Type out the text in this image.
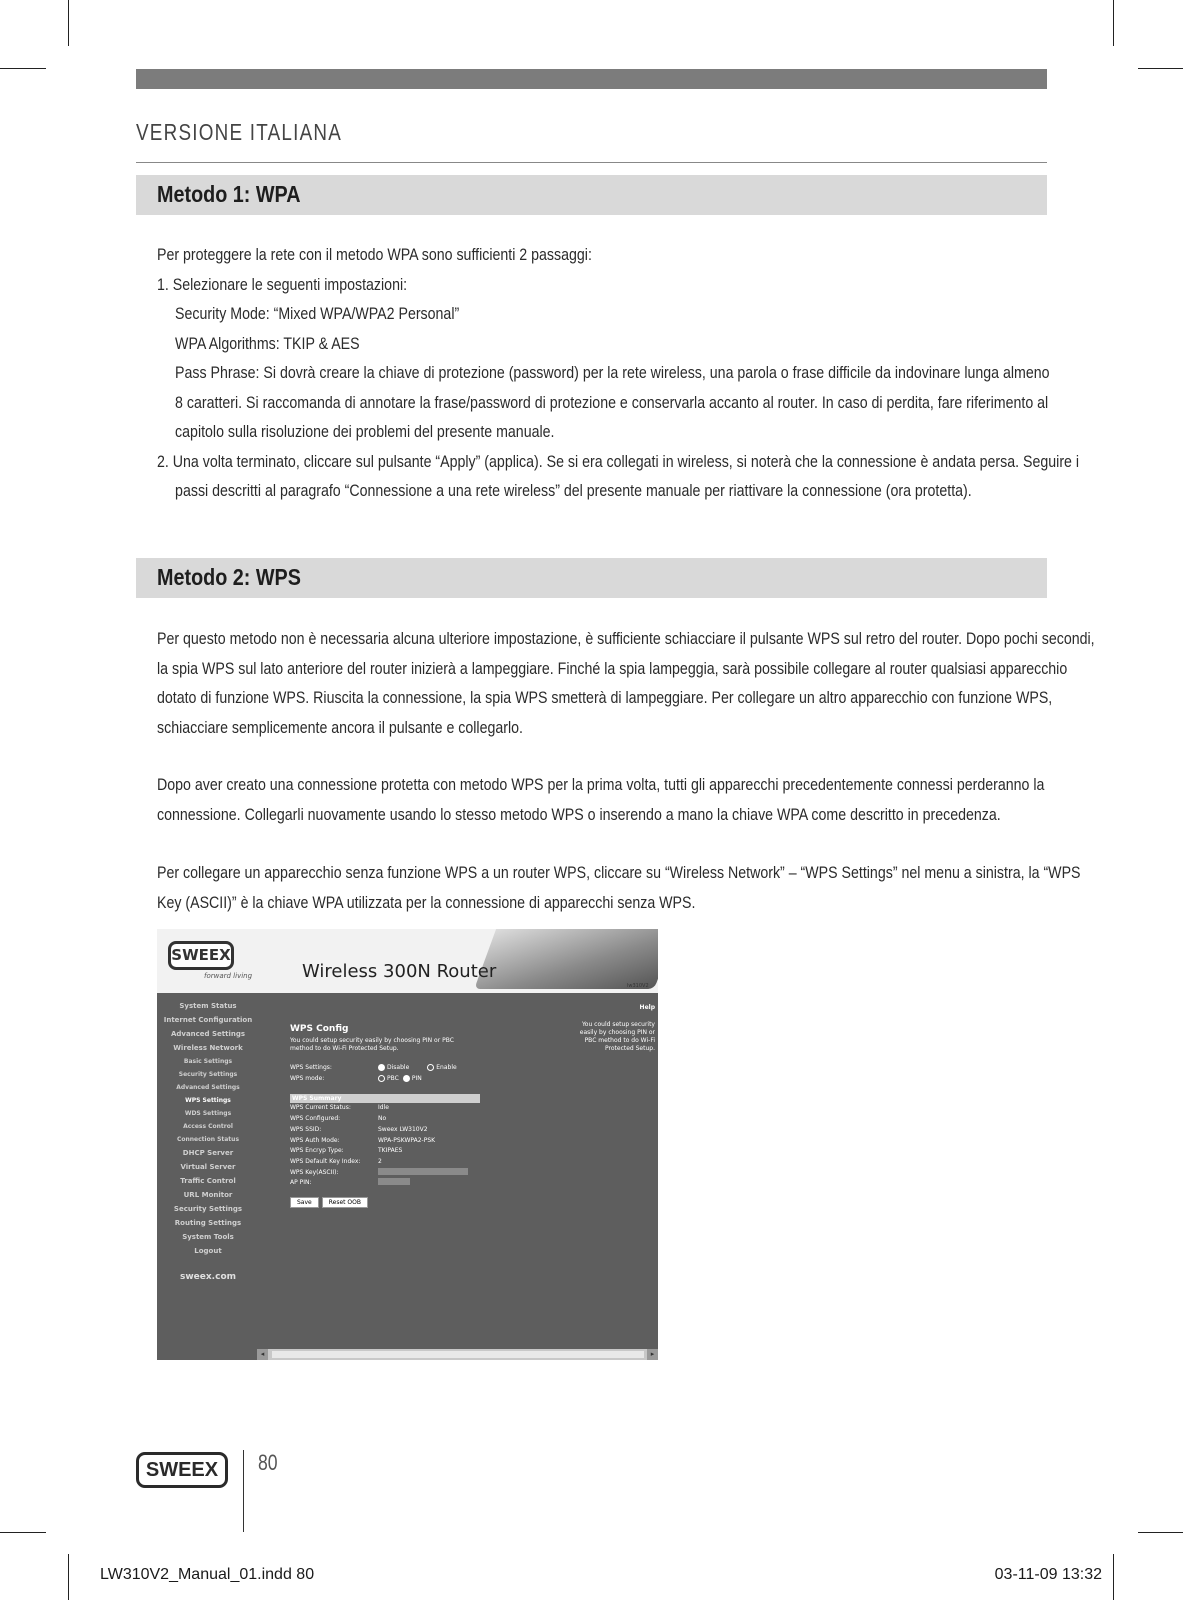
VERSIONE ITALIANA
Metodo 1: WPA
Per proteggere la rete con il metodo WPA sono sufficienti 2 passaggi:
1. Selezionare le seguenti impostazioni:
Security Mode: “Mixed WPA/WPA2 Personal”
WPA Algorithms: TKIP & AES
Pass Phrase: Si dovrà creare la chiave di protezione (password) per la rete wireless, una parola o frase difficile da indovinare lunga almeno
8 caratteri. Si raccomanda di annotare la frase/password di protezione e conservarla accanto al router. In caso di perdita, fare riferimento al
capitolo sulla risoluzione dei problemi del presente manuale.
2. Una volta terminato, cliccare sul pulsante “Apply” (applica). Se si era collegati in wireless, si noterà che la connessione è andata persa. Seguire i
passi descritti al paragrafo “Connessione a una rete wireless” del presente manuale per riattivare la connessione (ora protetta).
Metodo 2: WPS
Per questo metodo non è necessaria alcuna ulteriore impostazione, è sufficiente schiacciare il pulsante WPS sul retro del router. Dopo pochi secondi,
la spia WPS sul lato anteriore del router inizierà a lampeggiare. Finché la spia lampeggia, sarà possibile collegare al router qualsiasi apparecchio
dotato di funzione WPS. Riuscita la connessione, la spia WPS smetterà di lampeggiare. Per collegare un altro apparecchio con funzione WPS,
schiacciare semplicemente ancora il pulsante e collegarlo.
Dopo aver creato una connessione protetta con metodo WPS per la prima volta, tutti gli apparecchi precedentemente connessi perderanno la
connessione. Collegarli nuovamente usando lo stesso metodo WPS o inserendo a mano la chiave WPA come descritto in precedenza.
Per collegare un apparecchio senza funzione WPS a un router WPS, cliccare su “Wireless Network” – “WPS Settings” nel menu a sinistra, la “WPS
Key (ASCII)” è la chiave WPA utilizzata per la connessione di apparecchi senza WPS.
SWEEX
forward living	Wireless 300N Router
lw310V2
System Status
Internet Configuration
Advanced Settings
Wireless Network
Basic Settings
Security Settings
Advanced Settings
WPS Settings
WDS Settings
Access Control
Connection Status
DHCP Server
Virtual Server
Traffic Control
URL Monitor
Security Settings
Routing Settings
System Tools
Logout
sweex.com
WPS Config
You could setup security easily by choosing PIN or PBC method to do Wi-Fi Protected Setup.
WPS Settings:	Disable	Enable
WPS mode:	PBC	PIN
WPS Summary
WPS Current Status:	Idle
WPS Configured:	No
WPS SSID:	Sweex LW310V2
WPS Auth Mode:	WPA-PSKWPA2-PSK
WPS Encryp Type:	TKIPAES
WPS Default Key Index:	2
WPS Key(ASCII):
AP PIN:
Save	Reset OOB
Help
You could setup security easily by choosing PIN or PBC method to do Wi-Fi Protected Setup.
◂	▸
SWEEX	80
LW310V2_Manual_01.indd 80	03-11-09 13:32
